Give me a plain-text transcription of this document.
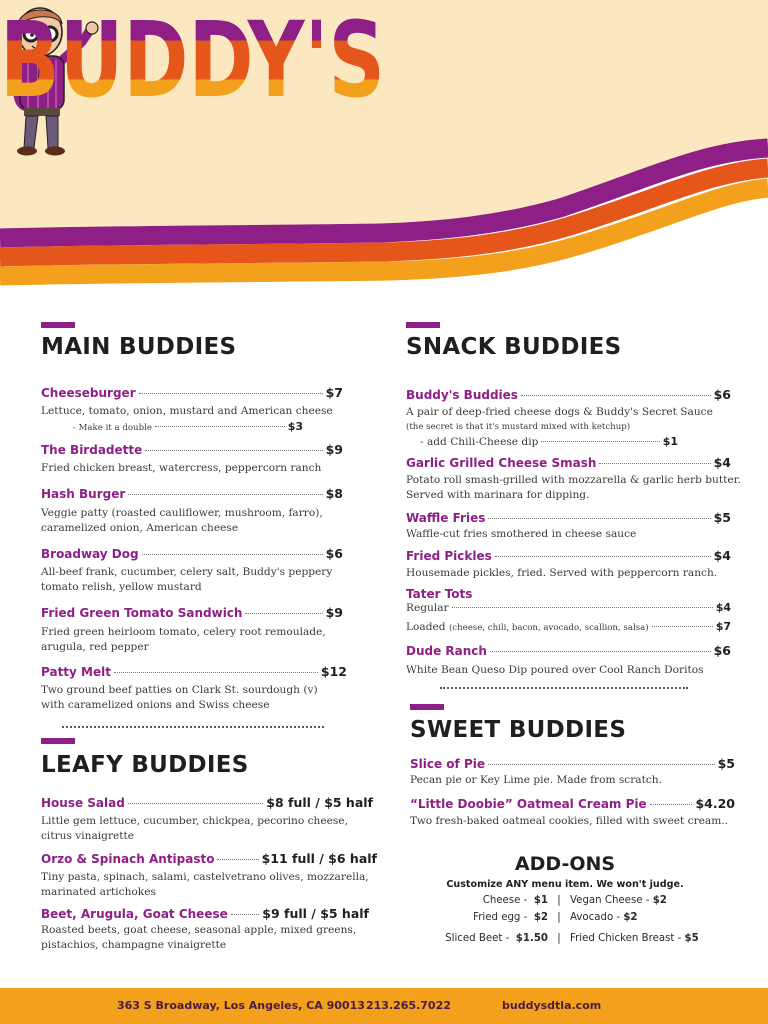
BUDDY'S
MAIN BUDDIES
Cheeseburger	$7
Lettuce, tomato, onion, mustard and American cheese
- Make it a double	$3
The Birdadette	$9
Fried chicken breast, watercress, peppercorn ranch
Hash Burger	$8
Veggie patty (roasted cauliflower, mushroom, farro),
caramelized onion, American cheese
Broadway Dog	$6
All-beef frank, cucumber, celery salt, Buddy's peppery
tomato relish, yellow mustard
Fried Green Tomato Sandwich	$9
Fried green heirloom tomato, celery root remoulade,
arugula, red pepper
Patty Melt	$12
Two ground beef patties on Clark St. sourdough (v)
with caramelized onions and Swiss cheese
LEAFY BUDDIES
House Salad	$8 full / $5 half
Little gem lettuce, cucumber, chickpea, pecorino cheese,
citrus vinaigrette
Orzo & Spinach Antipasto	$11 full / $6 half
Tiny pasta, spinach, salami, castelvetrano olives, mozzarella,
marinated artichokes
Beet, Arugula, Goat Cheese	$9 full / $5 half
Roasted beets, goat cheese, seasonal apple, mixed greens,
pistachios, champagne vinaigrette
SNACK BUDDIES
Buddy's Buddies	$6
A pair of deep-fried cheese dogs & Buddy's Secret Sauce
(the secret is that it's mustard mixed with ketchup)
- add Chili-Cheese dip	$1
Garlic Grilled Cheese Smash	$4
Potato roll smash-grilled with mozzarella & garlic herb butter.
Served with marinara for dipping.
Waffle Fries	$5
Waffle-cut fries smothered in cheese sauce
Fried Pickles	$4
Housemade pickles, fried. Served with peppercorn ranch.
Tater Tots
Regular	$4
Loaded
(cheese, chili, bacon, avocado, scallion, salsa)	$7
Dude Ranch	$6
White Bean Queso Dip poured over Cool Ranch Doritos
SWEET BUDDIES
Slice of Pie	$5
Pecan pie or Key Lime pie. Made from scratch.
“Little Doobie” Oatmeal Cream Pie	$4.20
Two fresh-baked oatmeal cookies, filled with sweet cream..
ADD-ONS
Customize ANY menu item. We won't judge.
Cheese - $1 | Vegan Cheese - $2
Fried egg - $2 | Avocado - $2
Sliced Beet - $1.50 | Fried Chicken Breast - $5
363 S Broadway, Los Angeles, CA 90013 213.265.7022	buddysdtla.com
